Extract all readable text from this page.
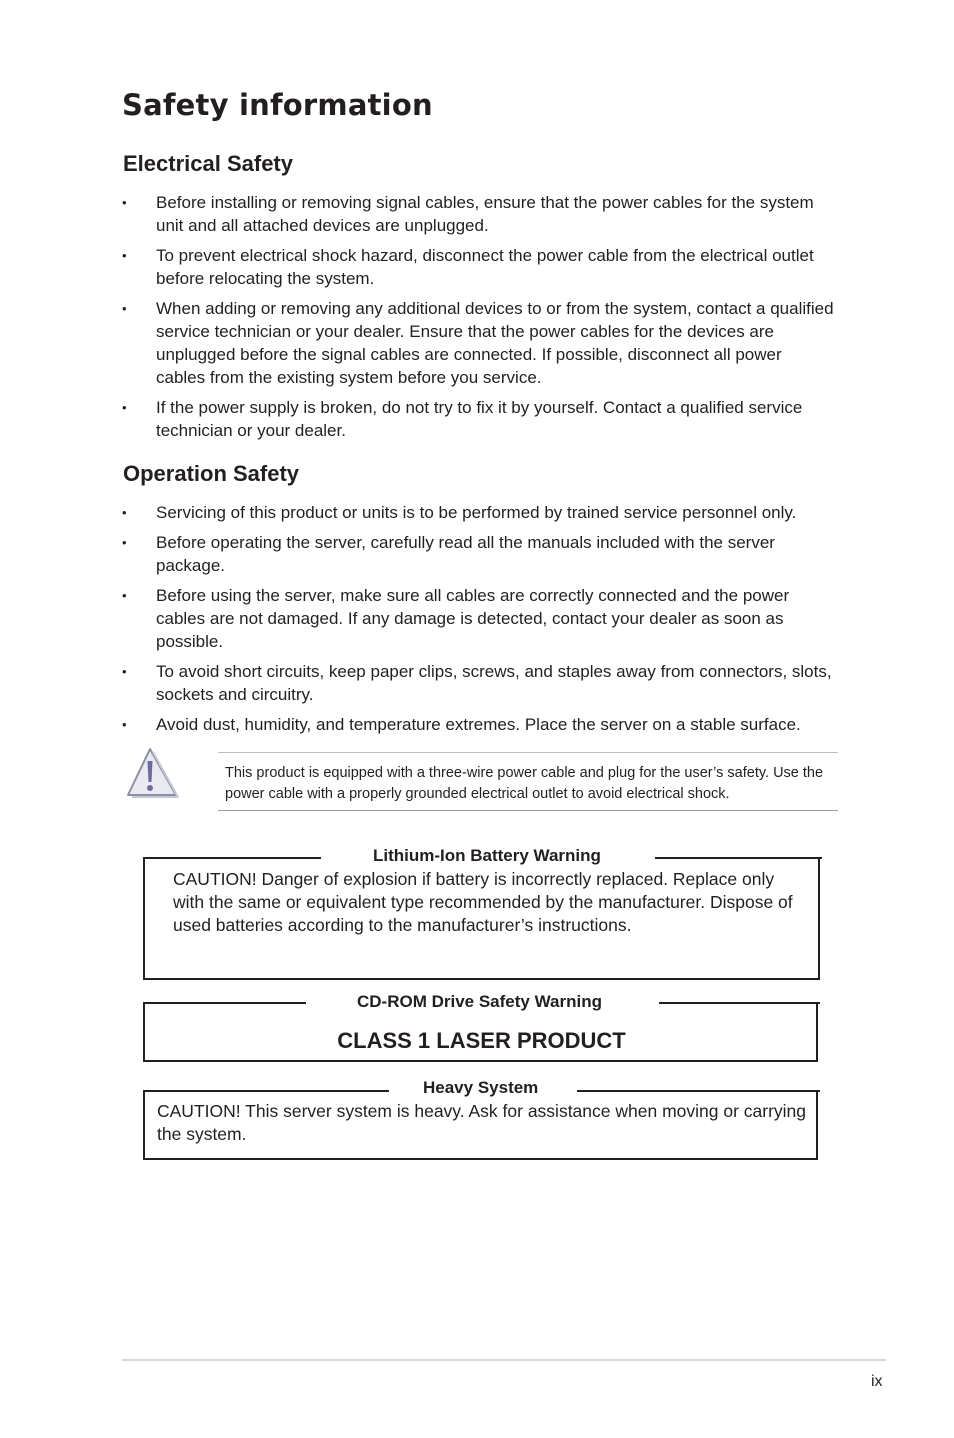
Safety information
Electrical Safety
• Before installing or removing signal cables, ensure that the power cables for the system unit and all attached devices are unplugged.
• To prevent electrical shock hazard, disconnect the power cable from the electrical outlet before relocating the system.
• When adding or removing any additional devices to or from the system, contact a qualified service technician or your dealer. Ensure that the power cables for the devices are unplugged before the signal cables are connected. If possible, disconnect all power cables from the existing system before you service.
• If the power supply is broken, do not try to fix it by yourself. Contact a qualified service technician or your dealer.
Operation Safety
• Servicing of this product or units is to be performed by trained service personnel only.
• Before operating the server, carefully read all the manuals included with the server package.
• Before using the server, make sure all cables are correctly connected and the power cables are not damaged. If any damage is detected, contact your dealer as soon as possible.
• To avoid short circuits, keep paper clips, screws, and staples away from connectors, slots, sockets and circuitry.
• Avoid dust, humidity, and temperature extremes. Place the server on a stable surface.
This product is equipped with a three-wire power cable and plug for the user’s safety. Use the power cable with a properly grounded electrical outlet to avoid electrical shock.
Lithium-Ion Battery Warning
CAUTION! Danger of explosion if battery is incorrectly replaced. Replace only with the same or equivalent type recommended by the manufacturer. Dispose of used batteries according to the manufacturer’s instructions.
CD-ROM Drive Safety Warning
CLASS 1 LASER PRODUCT
Heavy System
CAUTION! This server system is heavy. Ask for assistance when moving or carrying the system.
ix
